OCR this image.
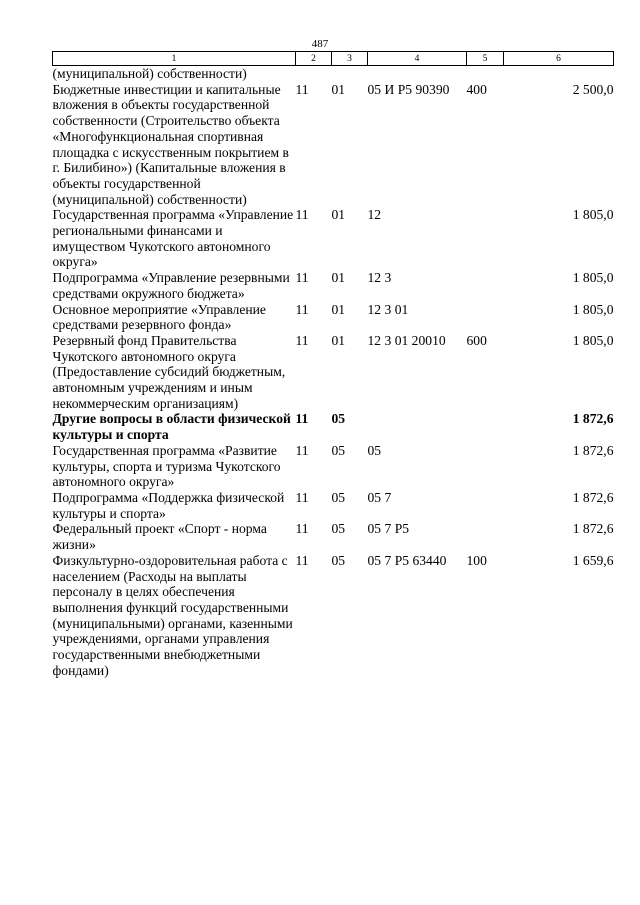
487
1	2	3	4	5	6
(муниципальной) собственности)					
Бюджетные инвестиции и капитальные вложения в объекты государственной собственности (Строительство объекта «Многофункциональная спортивная площадка с искусственным покрытием в г. Билибино») (Капитальные вложения в объекты государственной (муниципальной) собственности)	11	01	05 И Р5 90390	400	2 500,0
Государственная программа «Управление региональными финансами и имуществом Чукотского автономного округа»	11	01	12		1 805,0
Подпрограмма «Управление резервными средствами окружного бюджета»	11	01	12 3		1 805,0
Основное мероприятие «Управление средствами резервного фонда»	11	01	12 3 01		1 805,0
Резервный фонд Правительства Чукотского автономного округа (Предоставление субсидий бюджетным, автономным учреждениям и иным некоммерческим организациям)	11	01	12 3 01 20010	600	1 805,0
Другие вопросы в области физической культуры и спорта	11	05			1 872,6
Государственная программа «Развитие культуры, спорта и туризма Чукотского автономного округа»	11	05	05		1 872,6
Подпрограмма «Поддержка физической культуры и спорта»	11	05	05 7		1 872,6
Федеральный проект «Спорт - норма жизни»	11	05	05 7 Р5		1 872,6
Физкультурно-оздоровительная работа с населением (Расходы на выплаты персоналу в целях обеспечения выполнения функций государственными (муниципальными) органами, казенными учреждениями, органами управления государственными внебюджетными фондами)	11	05	05 7 Р5 63440	100	1 659,6
